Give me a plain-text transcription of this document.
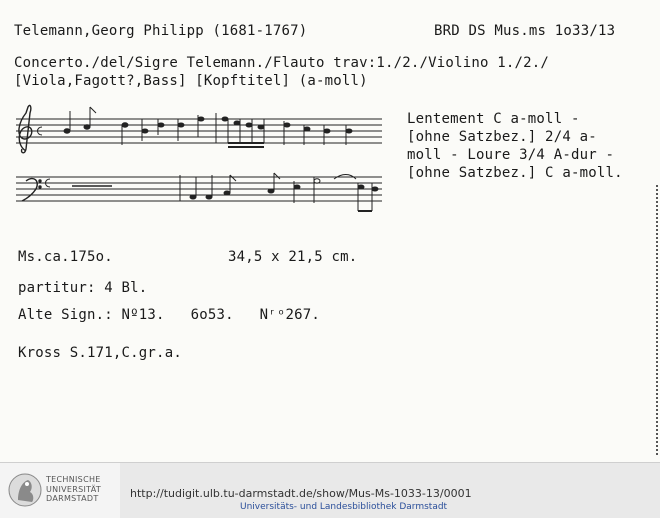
Telemann,Georg Philipp (1681-1767)	BRD DS Mus.ms 1o33/13
Concerto./del/Sigre Telemann./Flauto trav:1./2./Violino 1./2./
[Viola,Fagott?,Bass] [Kopftitel] (a-moll)
Lentement C a-moll -
[ohne Satzbez.] 2/4 a-
moll - Loure 3/4 A-dur -
[ohne Satzbez.] C a-moll.
Ms.ca.175o.	34,5 x 21,5 cm.
partitur: 4 Bl.
Alte Sign.: Nº13.   6o53.   Nʳᵒ267.
Kross S.171,C.gr.a.
TECHNISCHE
UNIVERSITÄT
DARMSTADT	http://tudigit.ulb.tu-darmstadt.de/show/Mus-Ms-1033-13/0001
Universitäts- und Landesbibliothek Darmstadt
